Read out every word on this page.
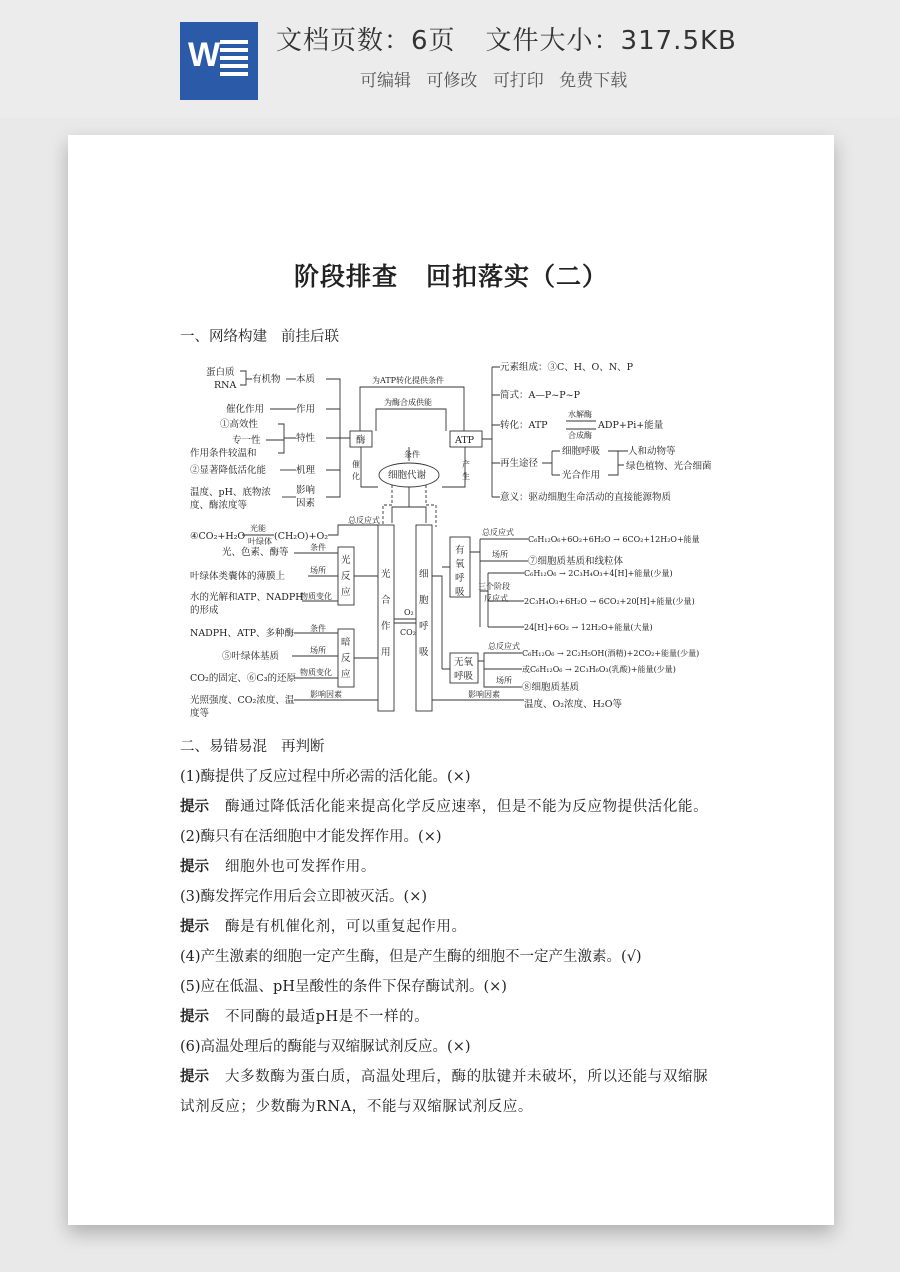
W 文档页数：6页 文件大小：317.5KB
可编辑 可修改 可打印 免费下载
阶段排查 回扣落实（二）
一、网络构建 前挂后联
蛋白质
RNA
有机物 本质
催化作用	作用
①高效性
专一性
作用条件较温和
特性
②显著降低活化能	机理
温度、pH、底物浓
度、酶浓度等
影响
因素
为ATP转化提供条件
为酶合成供能
酶	ATP
催
化
产
生
条件
细胞代谢
元素组成：③C、H、O、N、P
简式：A—P~P~P
转化：ATP
水解酶
合成酶
ADP+Pi+能量
再生途径
细胞呼吸
光合作用
人和动物等
绿色植物、光合细菌
意义：驱动细胞生命活动的直接能源物质
总反应式
④CO₂+H₂O
光能
叶绿体 (CH₂O)+O₂
光
合
作
用
光
反
应
光、色素、酶等	条件
叶绿体类囊体的薄膜上
场所
水的光解和ATP、NADPH
的形成
物质变化
暗
反
应
NADPH、ATP、多种酶 条件
⑤叶绿体基质
场所
CO₂的固定、⑥C₃的还原
物质变化
光照强度、CO₂浓度、温
度等
影响因素
O₂
CO₂
细
胞
呼
吸
有
氧
呼
吸
无氧
呼吸
总反应式
C₆H₁₂O₆+6O₂+6H₂O → 6CO₂+12H₂O+能量
场所
⑦细胞质基质和线粒体
三个阶段
反应式
C₆H₁₂O₆ → 2C₃H₄O₃+4[H]+能量(少量)
2C₃H₄O₃+6H₂O → 6CO₂+20[H]+能量(少量)
24[H]+6O₂ → 12H₂O+能量(大量)
总反应式
C₆H₁₂O₆ → 2C₂H₅OH(酒精)+2CO₂+能量(少量)
或C₆H₁₂O₆ → 2C₃H₆O₃(乳酸)+能量(少量)
场所
⑧细胞质基质
影响因素
温度、O₂浓度、H₂O等
二、易错易混 再判断
(1)酶提供了反应过程中所必需的活化能。(×)
提示 酶通过降低活化能来提高化学反应速率，但是不能为反应物提供活化能。
(2)酶只有在活细胞中才能发挥作用。(×)
提示 细胞外也可发挥作用。
(3)酶发挥完作用后会立即被灭活。(×)
提示 酶是有机催化剂，可以重复起作用。
(4)产生激素的细胞一定产生酶，但是产生酶的细胞不一定产生激素。(√)
(5)应在低温、pH呈酸性的条件下保存酶试剂。(×)
提示 不同酶的最适pH是不一样的。
(6)高温处理后的酶能与双缩脲试剂反应。(×)
提示 大多数酶为蛋白质，高温处理后，酶的肽键并未破坏，所以还能与双缩脲
试剂反应；少数酶为RNA，不能与双缩脲试剂反应。
